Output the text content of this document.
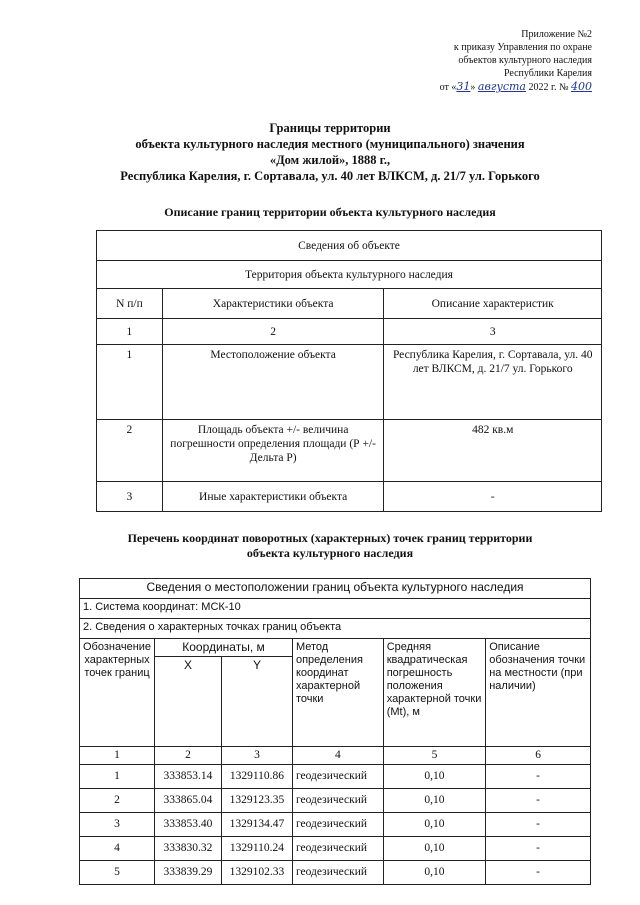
Приложение №2
к приказу Управления по охране
объектов культурного наследия
Республики Карелия
от «31» августа 2022 г. № 400
Границы территории
объекта культурного наследия местного (муниципального) значения
«Дом жилой», 1888 г.,
Республика Карелия, г. Сортавала, ул. 40 лет ВЛКСМ, д. 21/7 ул. Горького
Описание границ территории объекта культурного наследия
Сведения об объекте		
Территория объекта культурного наследия		
N п/п	Характеристики объекта	Описание характеристик
1	2	3
1	Местоположение объекта	Республика Карелия, г. Сортавала, ул. 40 лет ВЛКСМ, д. 21/7 ул. Горького
2	Площадь объекта +/- величина погрешности определения площади (Р +/- Дельта Р)	482 кв.м
3	Иные характеристики объекта	-
Перечень координат поворотных (характерных) точек границ территории
объекта культурного наследия
Сведения о местоположении границ объекта культурного наследия					
1. Система координат: МСК-10					
2. Сведения о характерных точках границ объекта					
Обозначение характерных точек границ	Координаты, м		Метод определения координат характерной точки	Средняя квадратическая погрешность положения характерной точки (Mt), м	Описание обозначения точки на местности (при наличии)
	X	Y			
1	2	3	4	5	6
1	333853.14	1329110.86	геодезический	0,10	-
2	333865.04	1329123.35	геодезический	0,10	-
3	333853.40	1329134.47	геодезический	0,10	-
4	333830.32	1329110.24	геодезический	0,10	-
5	333839.29	1329102.33	геодезический	0,10	-
